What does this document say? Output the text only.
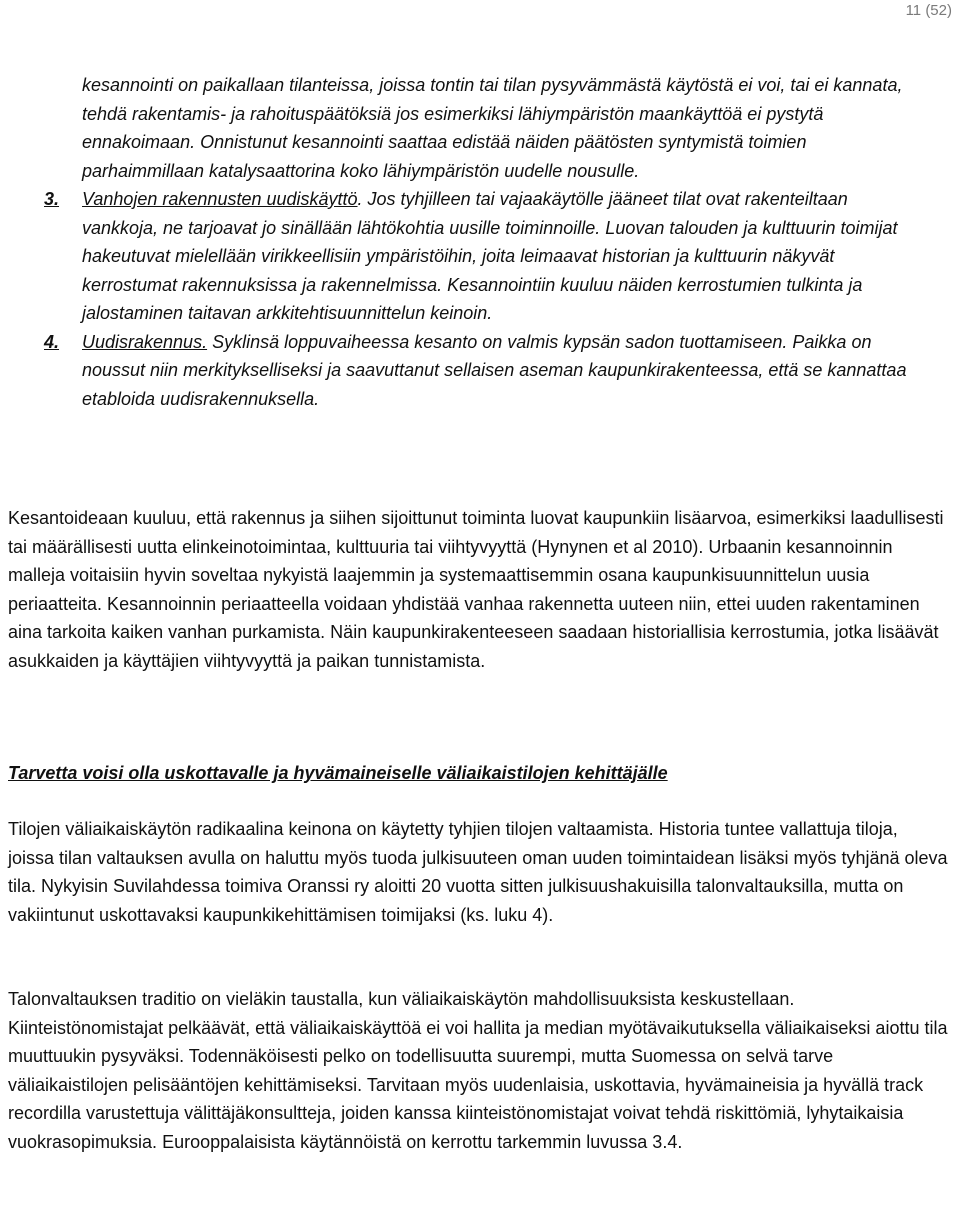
11 (52)
kesannointi on paikallaan tilanteissa, joissa tontin tai tilan pysyvämmästä käytöstä ei voi, tai ei kannata, tehdä rakentamis- ja rahoituspäätöksiä jos esimerkiksi lähiympäristön maankäyttöä ei pystytä ennakoimaan. Onnistunut kesannointi saattaa edistää näiden päätösten syntymistä toimien parhaimmillaan katalysaattorina koko lähiympäristön uudelle nousulle.
3. Vanhojen rakennusten uudiskäyttö. Jos tyhjilleen tai vajaakäytölle jääneet tilat ovat rakenteiltaan vankkoja, ne tarjoavat jo sinällään lähtökohtia uusille toiminnoille. Luovan talouden ja kulttuurin toimijat hakeutuvat mielellään virikkeellisiin ympäristöihin, joita leimaavat historian ja kulttuurin näkyvät kerrostumat rakennuksissa ja rakennelmissa. Kesannointiin kuuluu näiden kerrostumien tulkinta ja jalostaminen taitavan arkkitehtisuunnittelun keinoin.
4. Uudisrakennus. Syklinsä loppuvaiheessa kesanto on valmis kypsän sadon tuottamiseen. Paikka on noussut niin merkitykselliseksi ja saavuttanut sellaisen aseman kaupunkirakenteessa, että se kannattaa etabloida uudisrakennuksella.

Kesantoideaan kuuluu, että rakennus ja siihen sijoittunut toiminta luovat kaupunkiin lisäarvoa, esimerkiksi laadullisesti tai määrällisesti uutta elinkeinotoimintaa, kulttuuria tai viihtyvyyttä (Hynynen et al 2010). Urbaanin kesannoinnin malleja voitaisiin hyvin soveltaa nykyistä laajemmin ja systemaattisemmin osana kaupunkisuunnittelun uusia periaatteita. Kesannoinnin periaatteella voidaan yhdistää vanhaa rakennetta uuteen niin, ettei uuden rakentaminen aina tarkoita kaiken vanhan purkamista. Näin kaupunkirakenteeseen saadaan historiallisia kerrostumia, jotka lisäävät asukkaiden ja käyttäjien viihtyvyyttä ja paikan tunnistamista.

Tarvetta voisi olla uskottavalle ja hyvämaineiselle väliaikaistilojen kehittäjälle

Tilojen väliaikaiskäytön radikaalina keinona on käytetty tyhjien tilojen valtaamista. Historia tuntee vallattuja tiloja, joissa tilan valtauksen avulla on haluttu myös tuoda julkisuuteen oman uuden toimintaidean lisäksi myös tyhjänä oleva tila. Nykyisin Suvilahdessa toimiva Oranssi ry aloitti 20 vuotta sitten julkisuushakuisilla talonvaltauksilla, mutta on vakiintunut uskottavaksi kaupunkikehittämisen toimijaksi (ks. luku 4).

Talonvaltauksen traditio on vieläkin taustalla, kun väliaikaiskäytön mahdollisuuksista keskustellaan. Kiinteistönomistajat pelkäävät, että väliaikaiskäyttöä ei voi hallita ja median myötävaikutuksella väliaikaiseksi aiottu tila muuttuukin pysyväksi. Todennäköisesti pelko on todellisuutta suurempi, mutta Suomessa on selvä tarve väliaikaistilojen pelisääntöjen kehittämiseksi. Tarvitaan myös uudenlaisia, uskottavia, hyvämaineisia ja hyvällä track recordilla varustettuja välittäjäkonsultteja, joiden kanssa kiinteistönomistajat voivat tehdä riskittömiä, lyhytaikaisia vuokrasopimuksia. Eurooppalaisista käytännöistä on kerrottu tarkemmin luvussa 3.4.
